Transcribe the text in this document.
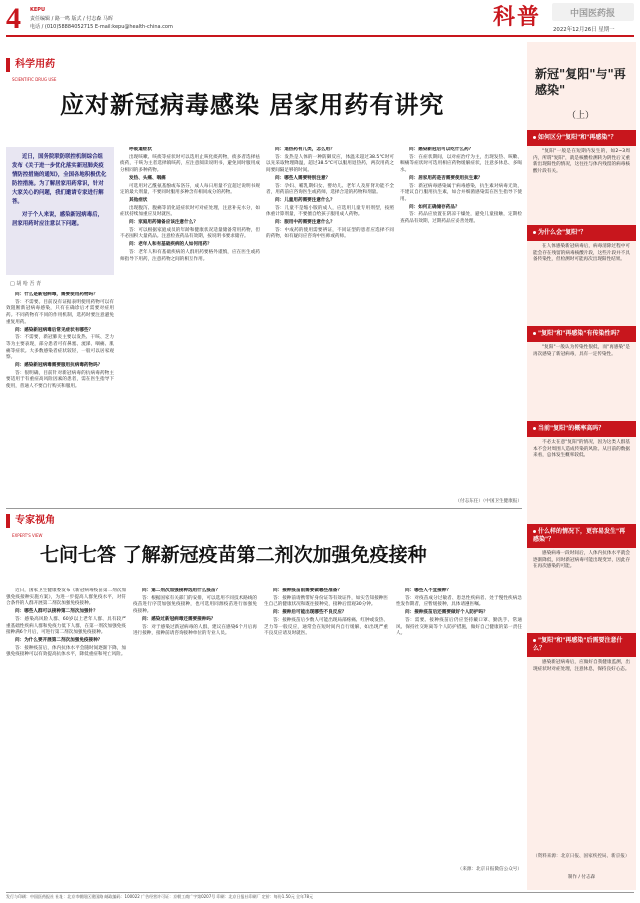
4 KEPU
责任编辑 / 路一鸣 版式 / 付志森 马晖
电话 / (010)58884052715 E-mail:kepu@health-china.com	科普	中国医药报
2022年12月26日 星期一
$^{科学用药}$
SCIENTIFIC DRUG USE
应对新冠病毒感染 居家用药有讲究
近日，国务院联防联控机制综合组发布《关于进一步优化落实新冠肺炎疫情防控措施的通知》，全国各地积极优化防控措施。为了解居家用药常识，针对大家关心的问题，我们邀请专家进行解答。
对于个人来说，感染新冠病毒后，居家用药时应注意以下问题。
□ 胡 哈 吾 青

问：什么是新冠病毒，需要使用药物吗？

答：不需要。目前没有证据表明使用药物可以有效阻断新冠病毒感染，只有在确诊后才需要对症用药。不同药物有不同的作用机制，选药时要注意避免重复用药。

问：感染新冠病毒后常见症状有哪些？

答：不需要，新冠肺炎主要以发热、干咳、乏力等为主要表现，部分患者可有鼻塞、流涕、咽痛、肌痛等症状。大多数感染者症状较轻，一般可以居家观察。

问：感染新冠病毒需要服用抗病毒药物吗？

答：很明确，目前针对新冠病毒的抗病毒药物主要适用于有重症高风险因素的患者，需在医生指导下使用，普通人不要自行购买和服用。

呼吸道症状

出现咳嗽、咳痰等症状时可以选用止咳化痰药物，痰多者选择祛痰药，干咳为主者选择镇咳药，应注意阅读说明书，避免同时服用成分相同的多种药物。

发热、头痛、咽痛

可选用对乙酰氨基酚或布洛芬，成人每日用量不宜超过说明书规定的最大剂量，不要同时服用多种含有相同成分的药物。

其他症状

出现腹泻、腹痛等消化道症状时可对症处理，注意补充水分，如症状持续加重应及时就医。

问：家庭用药储备应该注意什么？

答：可以根据家庭成员的年龄和健康状况适量储备常用药物，但不必囤积大量药品。注意检查药品有效期，按说明书要求储存。

问：老年人和有基础疾病的人如何用药？

答：老年人和有基础疾病的人群用药要格外谨慎，应在医生或药师指导下用药，注意药物之间的相互作用。

问：退热药有几类，怎么用？

答：发热是人体的一种防御反应，体温未超过38.5℃时可以先采取物理降温，超过38.5℃可以服用退热药，两次用药之间要间隔足够的时间。

问：哪些人需要特别注意？

答：孕妇、哺乳期妇女、婴幼儿、老年人及肝肾功能不全者，用药前应咨询医生或药师，选择合适的药物和剂量。

问：儿童用药需要注意什么？

答：儿童不是缩小版的成人，应选用儿童专用剂型，按照体重计算剂量，不要擅自给孩子服用成人药物。

问：服用中药需要注意什么？

答：中成药的使用需要辨证，不同证型的患者应选择不同的药物，如有疑问应咨询中医师或药师。

问：感染新冠后可以吃什么药？

答：在症状期间，以对症治疗为主，出现发热、咳嗽、咽痛等症状时可选用相应药物缓解症状，注意多休息、多喝水。

问：居家用药是否需要使用抗生素？

答：新冠病毒感染属于病毒感染，抗生素对病毒无效，不建议自行服用抗生素，如合并细菌感染需在医生指导下使用。

问：如何正确储存药品？

答：药品应放置在阴凉干燥处，避免儿童接触，定期检查药品有效期，过期药品应妥善处理。

（付志东任）（中国卫生健康报）
$^{专家视角}$
EXPERT'S VIEW
七问七答 了解新冠疫苗第二剂次加强免疫接种

近日，国家卫生健康委发布《新冠病毒疫苗第二剂次加强免疫接种实施方案》，为进一步提高人群免疫水平，对符合条件的人群开展第二剂次加强免疫接种。

问：哪些人群可以接种第二剂次加强针？

答：感染高风险人群、60岁以上老年人群、具有较严重基础性疾病人群和免疫力低下人群，在第一剂次加强免疫接种满6个月后，可进行第二剂次加强免疫接种。

问：为什么要开展第二剂次加强免疫接种？

答：接种疫苗后，体内抗体水平会随时间逐渐下降，加强免疫接种可以有效提高抗体水平，降低重症和死亡风险。

问：第二剂次加强接种选用什么疫苗？

答：根据国家有关部门的安排，可以选用不同技术路线的疫苗进行序贯加强免疫接种，也可选用同源疫苗进行加强免疫接种。

问：感染过新冠病毒还需要接种吗？

答：对于感染过新冠病毒的人群，建议在感染6个月后再进行接种，接种前请咨询接种单位的专业人员。

问：接种疫苗前需要做哪些准备？

答：接种前请携带好身份证等有效证件，如实告知接种医生自己的健康状况和既往接种史，接种后留观30分钟。

问：接种后可能出现哪些不良反应？

答：接种疫苗后少数人可能出现局部疼痛、红肿或发热、乏力等一般反应，通常会在短时间内自行缓解，如出现严重不良反应请及时就医。

问：哪些人不宜接种？

答：对疫苗成分过敏者、患急性疾病者、处于慢性疾病急性发作期者，应暂缓接种，具体请遵医嘱。

问：接种疫苗后还需要做好个人防护吗？

答：需要。接种疫苗后仍应坚持戴口罩、勤洗手、常通风、保持社交距离等个人防护措施，做好自己健康的第一责任人。

（来源：北京日报微信公众号）
新冠"复阳"与"再感染"
（上）
如何区分"复阳"和"再感染"？

"复阳"一般是在短期内发生的，如2~3周内，所谓"复阳"，就是核酸检测转为阴性后又重新出现阳性的情况，这往往与体内残留的病毒核酸片段有关。

为什么会"复阳"？

在人体感染新冠病毒后，病毒清除过程中可能会存在残留的病毒核酸片段，这些片段并不具备传染性，但检测时可能再次出现阳性结果。

"复阳"和"再感染"有传染性吗？

"复阳"一般认为传染性很低，而"再感染"是再次感染了新冠病毒，具有一定传染性。

当前"复阳"的概率高吗？

不必太在意"复阳"的情况，因为这类人群基本不会对周围人造成传染的风险。从目前的数据来看，总体发生概率较低。

什么样的情况下，更容易发生"再感染"？

感染病毒一段时间后，人体内抗体水平就会逐渐降低，同时新冠病毒可能出现变异，因此存在再次感染的可能。

"复阳"和"再感染"后需要注意什么？

感染新冠病毒后，应做好自我健康监测，出现症状时对症处理，注意休息，保持良好心态。

（资料来源：北京日报、国家疾控局、新京报）
制作 / 付志森
发行与印刷：中国医药报社 社址：北京市朝阳区建国路 邮政编码：100022 广告经营许可证：京朝工商广字第0207号 印刷：北京日报社印刷厂 定价：每份1.50元 全年78元
